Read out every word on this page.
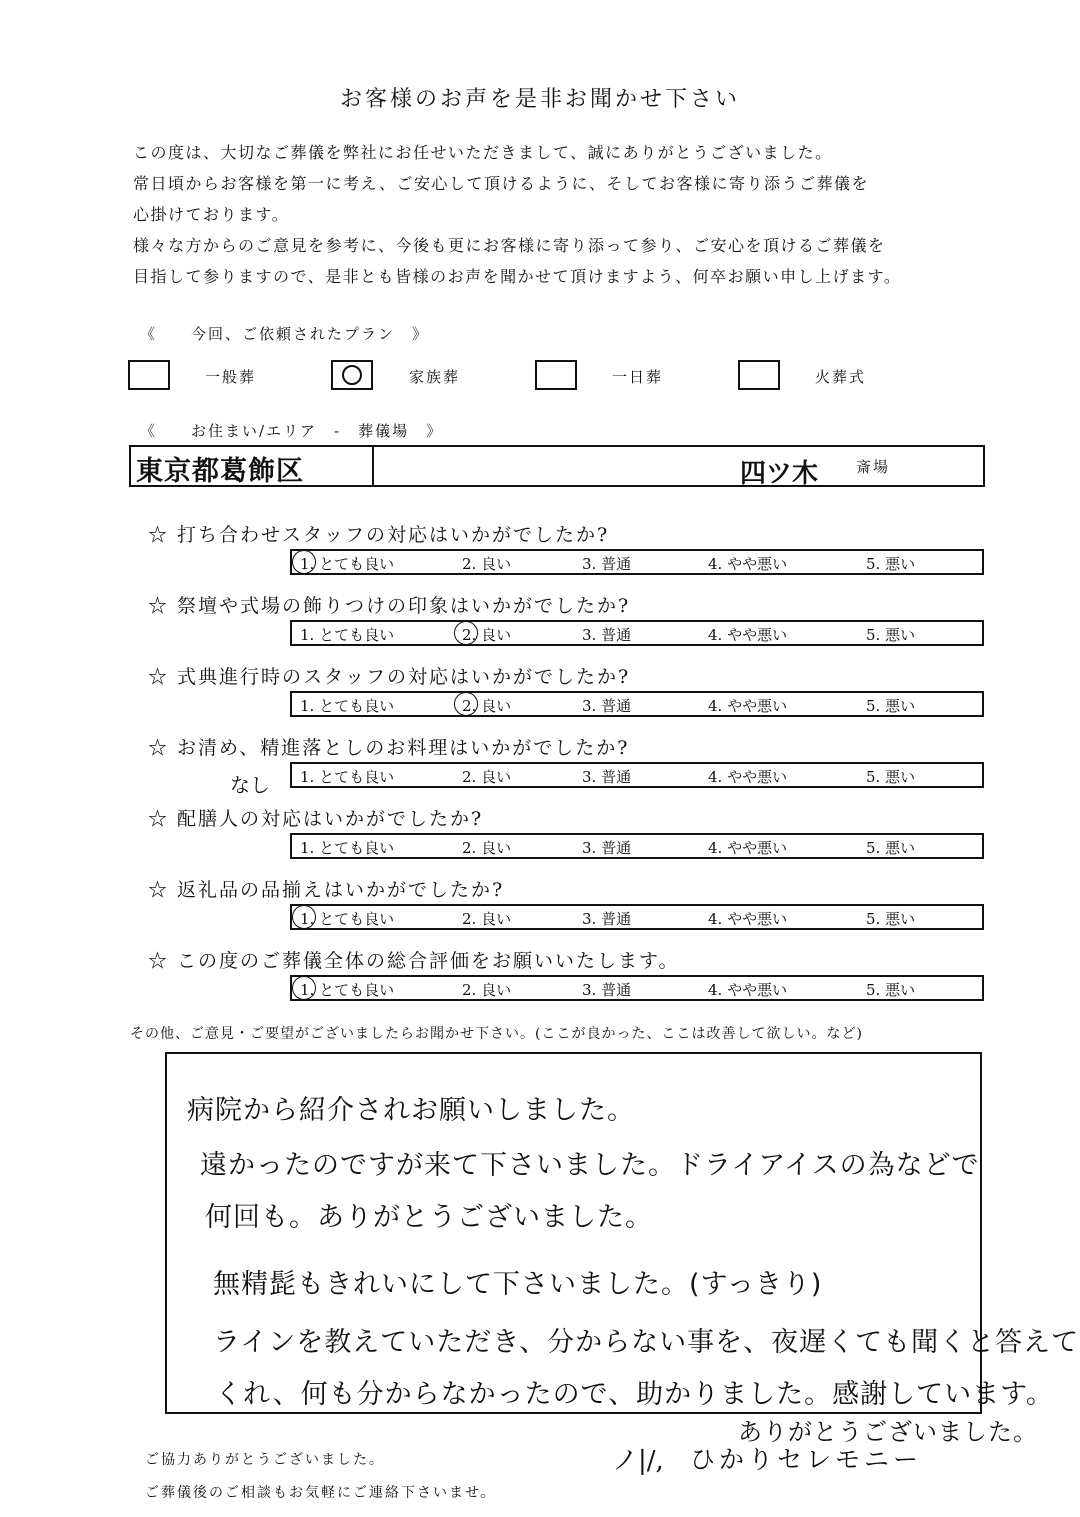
お客様のお声を是非お聞かせ下さい
この度は、大切なご葬儀を弊社にお任せいただきまして、誠にありがとうございました。
常日頃からお客様を第一に考え、ご安心して頂けるように、そしてお客様に寄り添うご葬儀を
心掛けております。
様々な方からのご意見を参考に、今後も更にお客様に寄り添って参り、ご安心を頂けるご葬儀を
目指して参りますので、是非とも皆様のお声を聞かせて頂けますよう、何卒お願い申し上げます。
《　　今回、ご依頼されたプラン　》
一般葬	家族葬	一日葬	火葬式
《　　お住まい/エリア　-　葬儀場　》
東京都葛飾区	四ツ木	斎場
☆ 打ち合わせスタッフの対応はいかがでしたか?
1. とても良い	2. 良い	3. 普通	4. やや悪い	5. 悪い
☆ 祭壇や式場の飾りつけの印象はいかがでしたか?
1. とても良い	2. 良い	3. 普通	4. やや悪い	5. 悪い
☆ 式典進行時のスタッフの対応はいかがでしたか?
1. とても良い	2. 良い	3. 普通	4. やや悪い	5. 悪い
☆ お清め、精進落としのお料理はいかがでしたか?
なし 1. とても良い	2. 良い	3. 普通	4. やや悪い	5. 悪い
☆ 配膳人の対応はいかがでしたか?
1. とても良い	2. 良い	3. 普通	4. やや悪い	5. 悪い
☆ 返礼品の品揃えはいかがでしたか?
1. とても良い	2. 良い	3. 普通	4. やや悪い	5. 悪い
☆ この度のご葬儀全体の総合評価をお願いいたします。
1. とても良い	2. 良い	3. 普通	4. やや悪い	5. 悪い
その他、ご意見・ご要望がございましたらお聞かせ下さい。(ここが良かった、ここは改善して欲しい。など)
病院から紹介されお願いしました。
遠かったのですが来て下さいました。ドライアイスの為などで
何回も。ありがとうございました。
無精髭もきれいにして下さいました。(すっきり)
ラインを教えていただき、分からない事を、夜遅くても聞くと答えて
くれ、何も分からなかったので、助かりました。感謝しています。
ありがとうございました。
ノ|/, ひかりセレモニー
ご協力ありがとうございました。
ご葬儀後のご相談もお気軽にご連絡下さいませ。
